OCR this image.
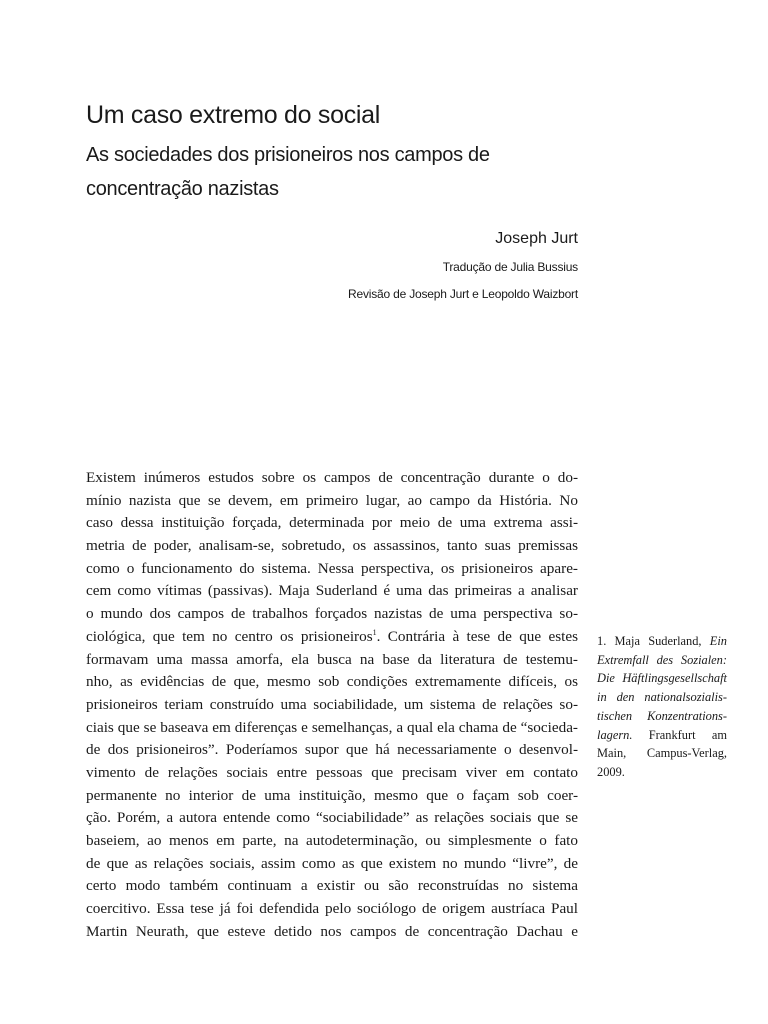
Um caso extremo do social
As sociedades dos prisioneiros nos campos de
concentração nazistas
Joseph Jurt
Tradução de Julia Bussius
Revisão de Joseph Jurt e Leopoldo Waizbort
Existem inúmeros estudos sobre os campos de concentração durante o do-
mínio nazista que se devem, em primeiro lugar, ao campo da História. No
caso dessa instituição forçada, determinada por meio de uma extrema assi-
metria de poder, analisam-se, sobretudo, os assassinos, tanto suas premissas
como o funcionamento do sistema. Nessa perspectiva, os prisioneiros apare-
cem como vítimas (passivas). Maja Suderland é uma das primeiras a analisar
o mundo dos campos de trabalhos forçados nazistas de uma perspectiva so-
ciológica, que tem no centro os prisioneiros$^1$. Contrária à tese de que estes
formavam uma massa amorfa, ela busca na base da literatura de testemu-
nho, as evidências de que, mesmo sob condições extremamente difíceis, os
prisioneiros teriam construído uma sociabilidade, um sistema de relações so-
ciais que se baseava em diferenças e semelhanças, a qual ela chama de “socieda-
de dos prisioneiros”. Poderíamos supor que há necessariamente o desenvol-
vimento de relações sociais entre pessoas que precisam viver em contato
permanente no interior de uma instituição, mesmo que o façam sob coer-
ção. Porém, a autora entende como “sociabilidade” as relações sociais que se
baseiem, ao menos em parte, na autodeterminação, ou simplesmente o fato
de que as relações sociais, assim como as que existem no mundo “livre”, de
certo modo também continuam a existir ou são reconstruídas no sistema
coercitivo. Essa tese já foi defendida pelo sociólogo de origem austríaca Paul
Martin Neurath, que esteve detido nos campos de concentração Dachau e
1. Maja Suderland, Ein
Extremfall des Sozialen:
Die Häftlingsgesellschaft
in den nationalsozialis-
tischen Konzentrations-
lagern. Frankfurt am
Main, Campus-Verlag,
2009.
